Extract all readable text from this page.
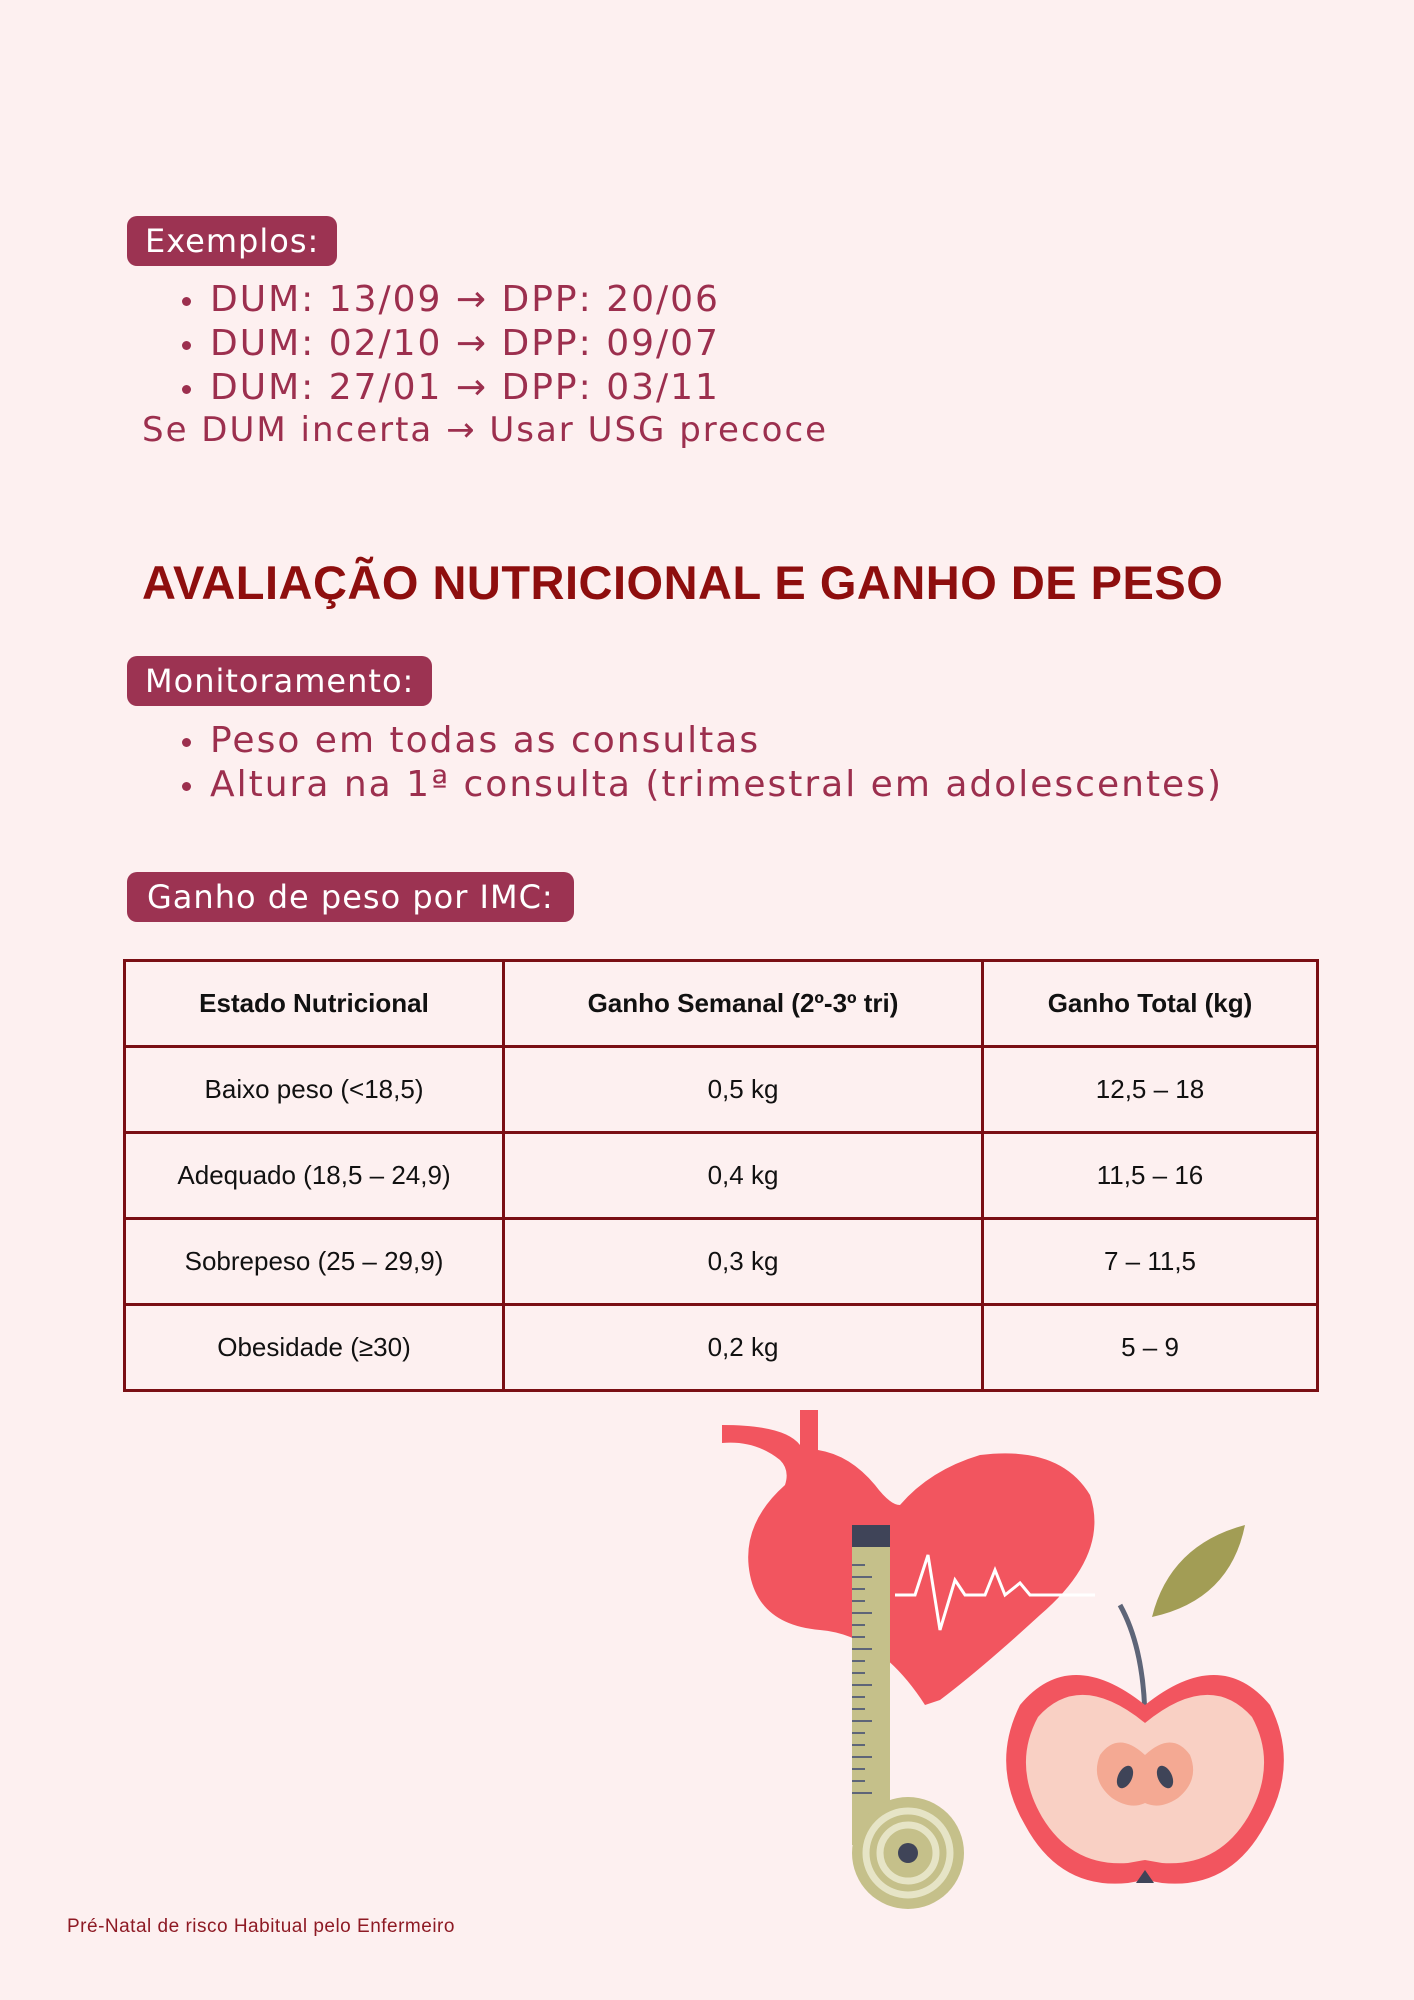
Exemplos:
DUM: 13/09 → DPP: 20/06
DUM: 02/10 → DPP: 09/07
DUM: 27/01 → DPP: 03/11
Se DUM incerta → Usar USG precoce
AVALIAÇÃO NUTRICIONAL E GANHO DE PESO
Monitoramento:
Peso em todas as consultas
Altura na 1ª consulta (trimestral em adolescentes)
Ganho de peso por IMC:
Estado Nutricional	Ganho Semanal (2º-3º tri)	Ganho Total (kg)
Baixo peso (<18,5)	0,5 kg	12,5 – 18
Adequado (18,5 – 24,9)	0,4 kg	11,5 – 16
Sobrepeso (25 – 29,9)	0,3 kg	7 – 11,5
Obesidade (≥30)	0,2 kg	5 – 9
Pré-Natal de risco Habitual pelo Enfermeiro
